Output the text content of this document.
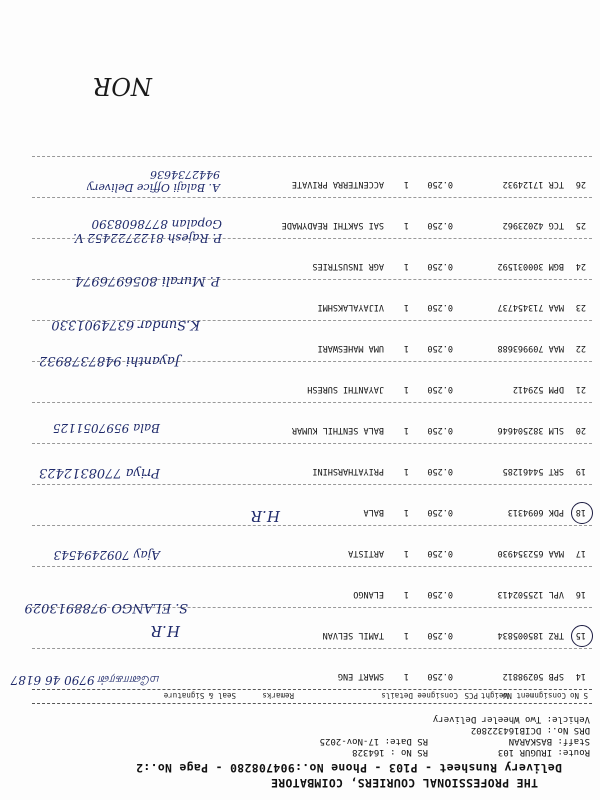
THE PROFESSIONAL COURIERS, COIMBATORE
Delivery Runsheet - P103 - Phone No.:904708280 - Page No.:2
Route: IRUGUR 103
RS No : 164328
Staff: BASKARAN
RS Date: 17-Nov-2025
DRS No.: DCIB164322802
Vehicle: Two Wheeler Delivery
S No
Consignment No
Weight
PCS
Consignee Details
Remarks
Seal & Signature
14
SPB 50298812
0.250
1
SMART ENG
15
TRZ 185005834
0.250
1
TAMIL SELVAN
16
VPL 125502413
0.250
1
ELANGO
17
MAA 652354930
0.250
1
ARTISTA
18
PDK 6094313
0.250
1
BALA
19
SRT 54461285
0.250
1
PRIYATHARSHINI
20
SLM 382504646
0.250
1
BALA SENTHIL KUMAR
21
DPM 529412
0.250
1
JAYANTHI SURESH
22
MAA 709963688
0.250
1
UMA MAHESWARI
23
MAA 713454737
0.250
1
VIJAYALAKSHMI
24
BGM 300031592
0.250
1
AGR INSUSTRIES
25
TCG 42023962
0.250
1
SAI SAKTHI READYMADE
26
TCR 17124932
0.250
1
ACCENTERRA PRIVATE
மனோகரன் 9790 46 6187
H.R
S. ELANGO 9788913029
Ajay 7092494543
H.R
Priya 7708312423
Bala 9597051125
Jayanthi 9487378932
K.Sundar 6374901330
P. Murali 8056976974
P. Rajesh 8122722452 V. Gopalan 8778608390
A. Balaji Office Delivery 9442734636
NOR
